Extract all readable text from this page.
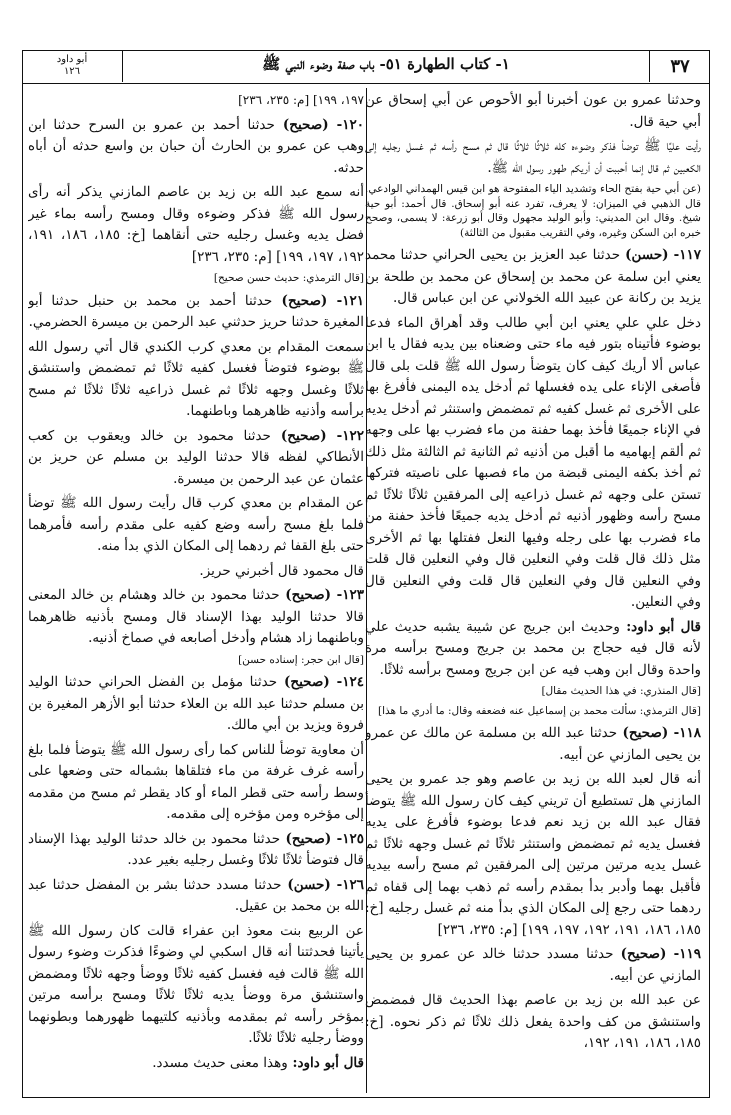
٣٧
١- كتاب الطهارة ٥١- باب صفة وضوء النبي ﷺ
أبو داود
١٢٦

وحدثنا عمرو بن عون أخبرنا أبو الأحوص عن أبي إسحاق عن أبي حية قال.

رأيت عليًا ﷺ توضأ فذكر وضوءه كله ثلاثًا ثلاثًا قال ثم مسح رأسه ثم غسل رجليه إلى الكعبين ثم قال إنما أحببت أن أريكم طهور رسول الله ﷺ.

(عن أبي حية بفتح الحاء وتشديد الياء المفتوحة هو ابن قيس الهمداني الوادعي. قال الذهبي في الميزان: لا يعرف، تفرد عنه أبو إسحاق. قال أحمد: أبو حية شيخ. وقال ابن المديني: وأبو الوليد مجهول وقال أبو زرعة: لا يسمى، وصحح خبره ابن السكن وغيره، وفي التقريب مقبول من الثالثة)

١١٧- (حسن) حدثنا عبد العزيز بن يحيى الحراني حدثنا محمد يعني ابن سلمة عن محمد بن إسحاق عن محمد بن طلحة بن يزيد بن ركانة عن عبيد الله الخولاني عن ابن عباس قال.

دخل علي علي يعني ابن أبي طالب وقد أهراق الماء فدعا بوضوء فأتيناه بتور فيه ماء حتى وضعناه بين يديه فقال يا ابن عباس ألا أريك كيف كان يتوضأ رسول الله ﷺ قلت بلى قال فأصغى الإناء على يده فغسلها ثم أدخل يده اليمنى فأفرغ بها على الأخرى ثم غسل كفيه ثم تمضمض واستنثر ثم أدخل يديه في الإناء جميعًا فأخذ بهما حفنة من ماء فضرب بها على وجهه ثم ألقم إبهاميه ما أقبل من أذنيه ثم الثانية ثم الثالثة مثل ذلك ثم أخذ بكفه اليمنى قبضة من ماء فصبها على ناصيته فتركها تستن على وجهه ثم غسل ذراعيه إلى المرفقين ثلاثًا ثلاثًا ثم مسح رأسه وظهور أذنيه ثم أدخل يديه جميعًا فأخذ حفنة من ماء فضرب بها على رجله وفيها النعل ففتلها بها ثم الأخرى مثل ذلك قال قلت وفي النعلين قال وفي النعلين قال قلت وفي النعلين قال وفي النعلين قال قلت وفي النعلين قال وفي النعلين.

قال أبو داود: وحديث ابن جريج عن شيبة يشبه حديث علي لأنه قال فيه حجاج بن محمد بن جريج ومسح برأسه مرة واحدة وقال ابن وهب فيه عن ابن جريج ومسح برأسه ثلاثًا.

[قال المنذري: في هذا الحديث مقال]

[قال الترمذي: سألت محمد بن إسماعيل عنه فضعفه وقال: ما أدري ما هذا]

١١٨- (صحيح) حدثنا عبد الله بن مسلمة عن مالك عن عمرو بن يحيى المازني عن أبيه.

أنه قال لعبد الله بن زيد بن عاصم وهو جد عمرو بن يحيى المازني هل تستطيع أن تريني كيف كان رسول الله ﷺ يتوضأ فقال عبد الله بن زيد نعم فدعا بوضوء فأفرغ على يديه فغسل يديه ثم تمضمض واستنثر ثلاثًا ثم غسل وجهه ثلاثًا ثم غسل يديه مرتين مرتين إلى المرفقين ثم مسح رأسه بيديه فأقبل بهما وأدبر بدأ بمقدم رأسه ثم ذهب بهما إلى قفاه ثم ردهما حتى رجع إلى المكان الذي بدأ منه ثم غسل رجليه [خ: ١٨٥، ١٨٦، ١٩١، ١٩٢، ١٩٧، ١٩٩] [م: ٢٣٥، ٢٣٦]

١١٩- (صحيح) حدثنا مسدد حدثنا خالد عن عمرو بن يحيى المازني عن أبيه.

عن عبد الله بن زيد بن عاصم بهذا الحديث قال فمضمض واستنشق من كف واحدة يفعل ذلك ثلاثًا ثم ذكر نحوه. [خ: ١٨٥، ١٨٦، ١٩١، ١٩٢،

١٩٧، ١٩٩] [م: ٢٣٥، ٢٣٦]

١٢٠- (صحيح) حدثنا أحمد بن عمرو بن السرح حدثنا ابن وهب عن عمرو بن الحارث أن حبان بن واسع حدثه أن أباه حدثه.

أنه سمع عبد الله بن زيد بن عاصم المازني يذكر أنه رأى رسول الله ﷺ فذكر وضوءه وقال ومسح رأسه بماء غير فضل يديه وغسل رجليه حتى أنقاهما [خ: ١٨٥، ١٨٦، ١٩١، ١٩٢، ١٩٧، ١٩٩] [م: ٢٣٥، ٢٣٦]

[قال الترمذي: حديث حسن صحيح]

١٢١- (صحيح) حدثنا أحمد بن محمد بن حنبل حدثنا أبو المغيرة حدثنا حريز حدثني عبد الرحمن بن ميسرة الحضرمي.

سمعت المقدام بن معدي كرب الكندي قال أتي رسول الله ﷺ بوضوء فتوضأ فغسل كفيه ثلاثًا ثم تمضمض واستنشق ثلاثًا وغسل وجهه ثلاثًا ثم غسل ذراعيه ثلاثًا ثلاثًا ثم مسح برأسه وأذنيه ظاهرهما وباطنهما.

١٢٢- (صحيح) حدثنا محمود بن خالد ويعقوب بن كعب الأنطاكي لفظه قالا حدثنا الوليد بن مسلم عن حريز بن عثمان عن عبد الرحمن بن ميسرة.

عن المقدام بن معدي كرب قال رأيت رسول الله ﷺ توضأ فلما بلغ مسح رأسه وضع كفيه على مقدم رأسه فأمرهما حتى بلغ القفا ثم ردهما إلى المكان الذي بدأ منه.

قال محمود قال أخبرني حريز.

١٢٣- (صحيح) حدثنا محمود بن خالد وهشام بن خالد المعنى قالا حدثنا الوليد بهذا الإسناد قال ومسح بأذنيه ظاهرهما وباطنهما زاد هشام وأدخل أصابعه في صماخ أذنيه.

[قال ابن حجر: إسناده حسن]

١٢٤- (صحيح) حدثنا مؤمل بن الفضل الحراني حدثنا الوليد بن مسلم حدثنا عبد الله بن العلاء حدثنا أبو الأزهر المغيرة بن فروة ويزيد بن أبي مالك.

أن معاوية توضأ للناس كما رأى رسول الله ﷺ يتوضأ فلما بلغ رأسه غرف غرفة من ماء فتلقاها بشماله حتى وضعها على وسط رأسه حتى قطر الماء أو كاد يقطر ثم مسح من مقدمه إلى مؤخره ومن مؤخره إلى مقدمه.

١٢٥- (صحيح) حدثنا محمود بن خالد حدثنا الوليد بهذا الإسناد قال فتوضأ ثلاثًا ثلاثًا وغسل رجليه بغير عدد.

١٢٦- (حسن) حدثنا مسدد حدثنا بشر بن المفضل حدثنا عبد الله بن محمد بن عقيل.

عن الربيع بنت معوذ ابن عفراء قالت كان رسول الله ﷺ يأتينا فحدثتنا أنه قال اسكبي لي وضوءًا فذكرت وضوء رسول الله ﷺ قالت فيه فغسل كفيه ثلاثًا ووضأ وجهه ثلاثًا ومضمض واستنشق مرة ووضأ يديه ثلاثًا ثلاثًا ومسح برأسه مرتين بمؤخر رأسه ثم بمقدمه وبأذنيه كلتيهما ظهورهما وبطونهما ووضأ رجليه ثلاثًا ثلاثًا.

قال أبو داود: وهذا معنى حديث مسدد.
